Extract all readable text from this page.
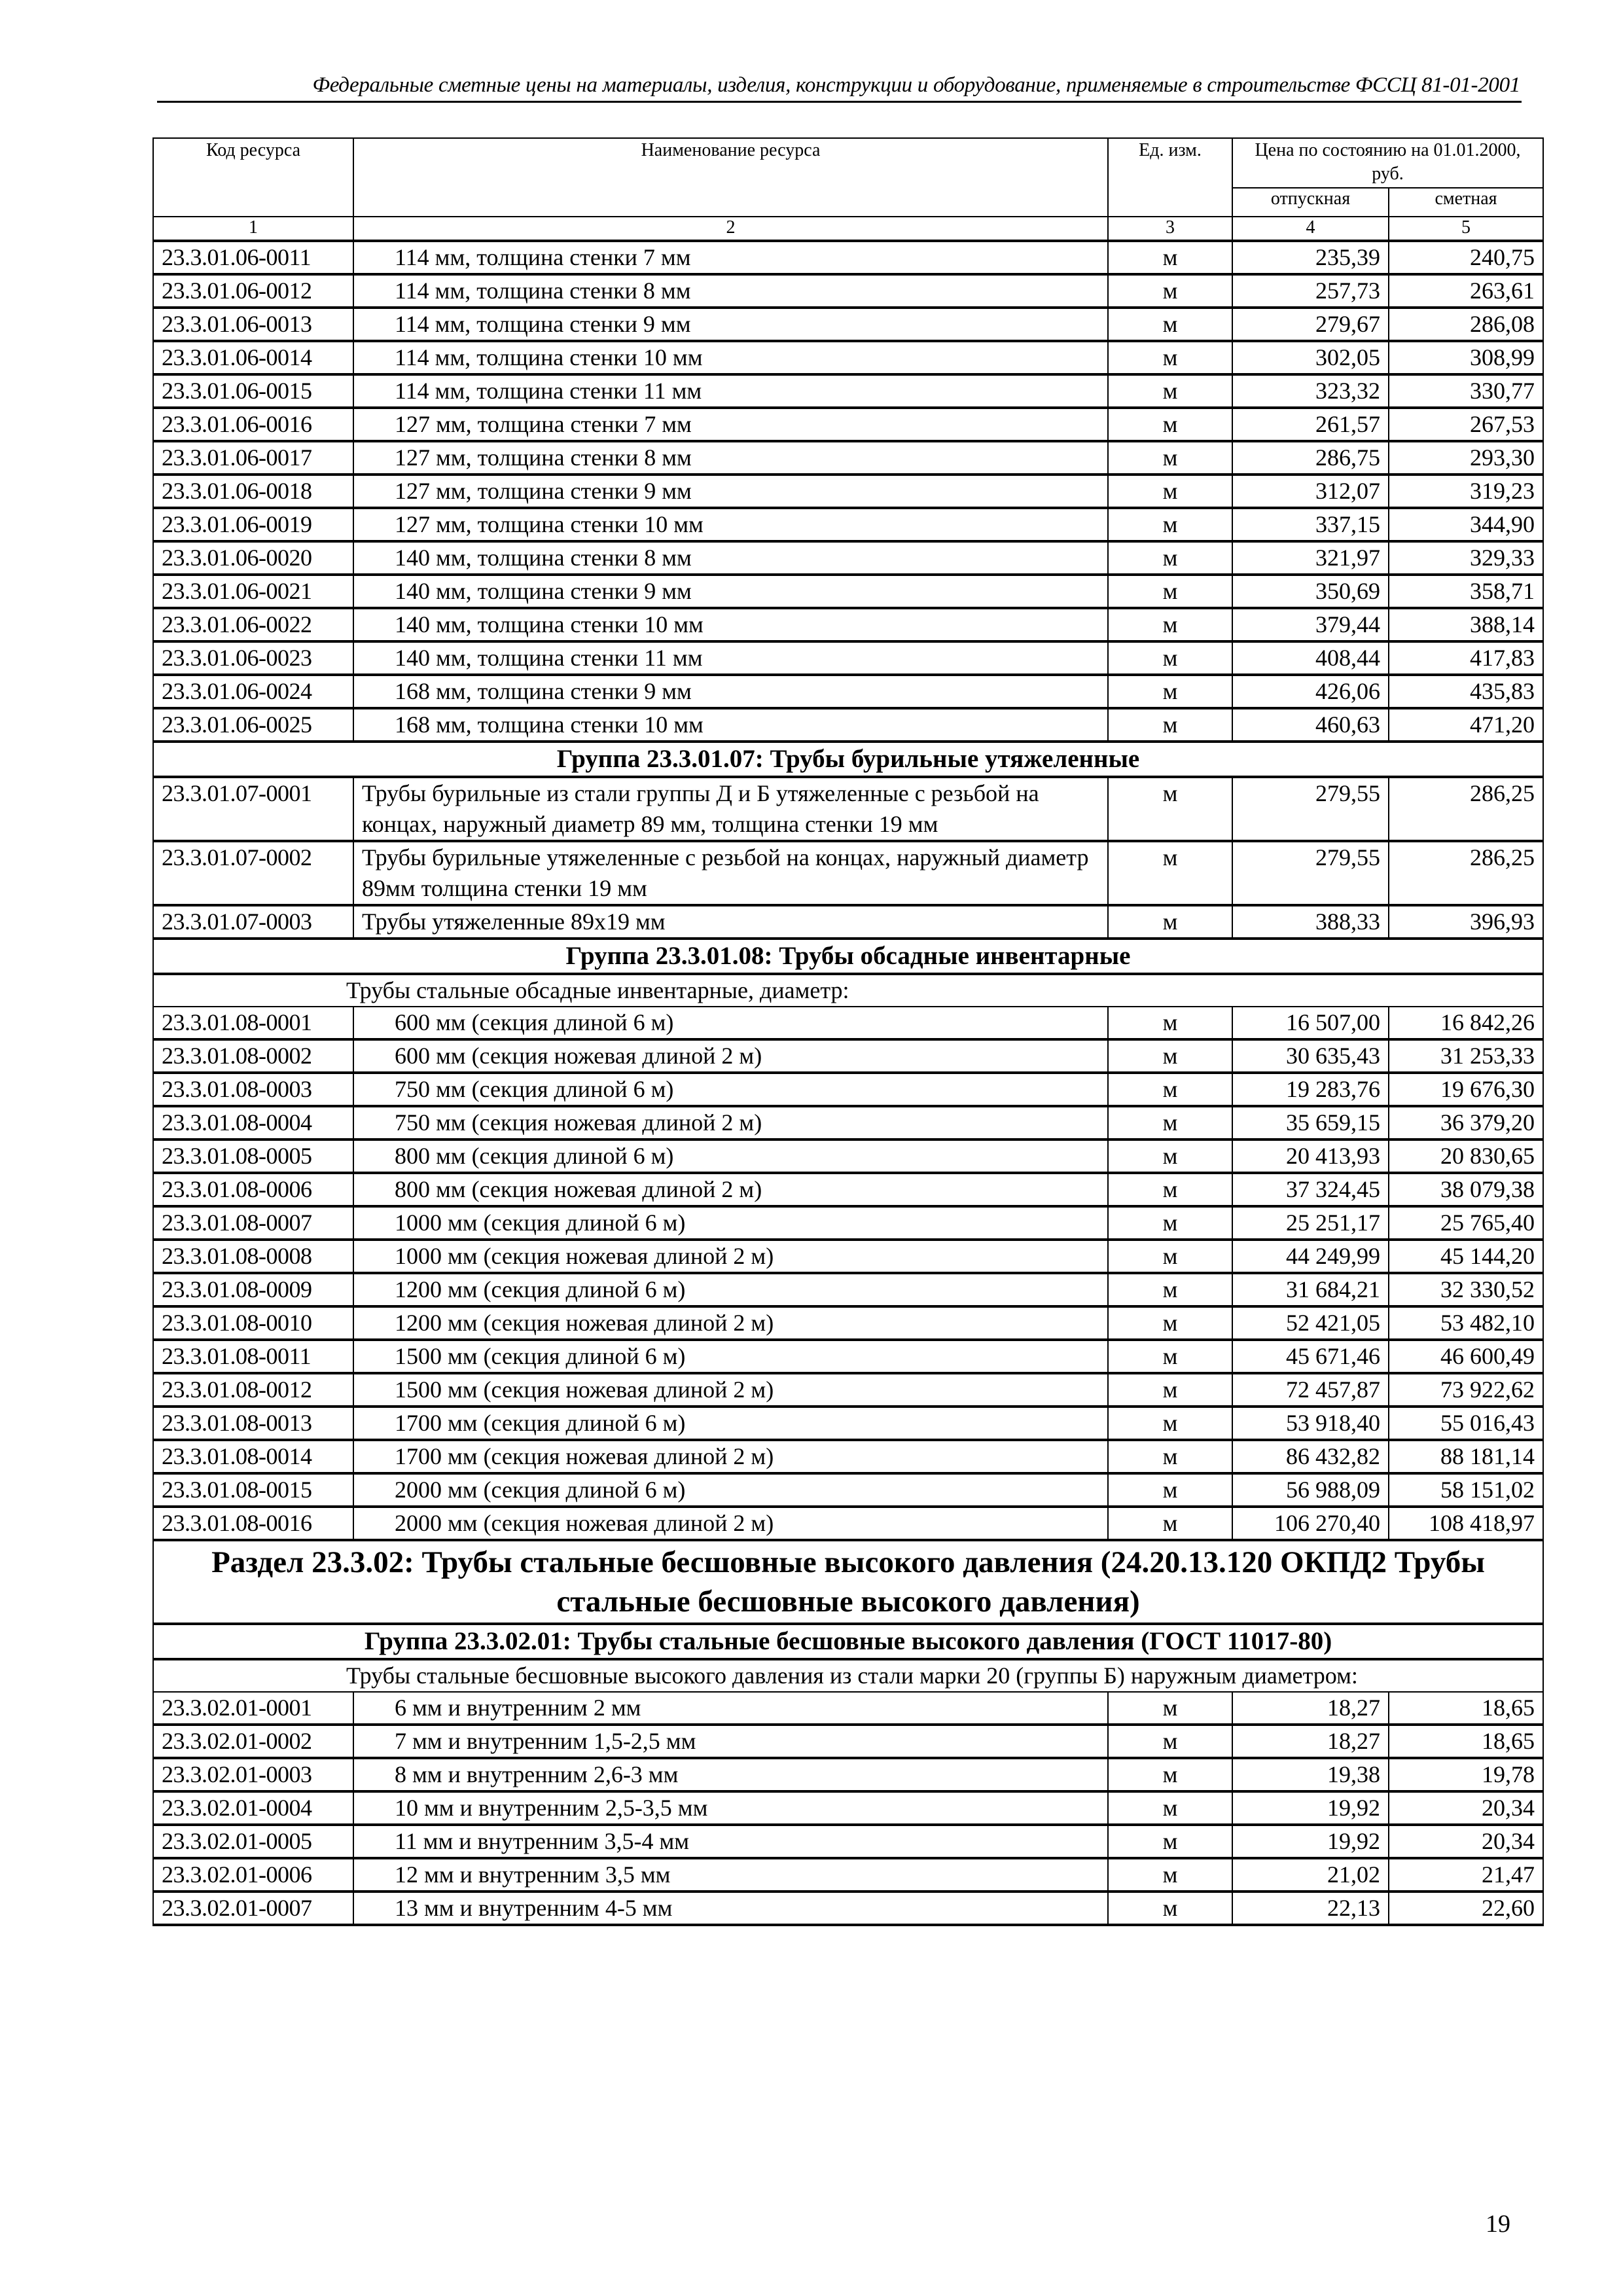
Федеральные сметные цены на материалы, изделия, конструкции и оборудование, применяемые в строительстве ФССЦ 81-01-2001
Код ресурса	Наименование ресурса	Ед. изм.	Цена по состоянию на 01.01.2000, руб.	
			отпускная	сметная
1	2	3	4	5
23.3.01.06-0011	114 мм, толщина стенки 7 мм	м	235,39	240,75
23.3.01.06-0012	114 мм, толщина стенки 8 мм	м	257,73	263,61
23.3.01.06-0013	114 мм, толщина стенки 9 мм	м	279,67	286,08
23.3.01.06-0014	114 мм, толщина стенки 10 мм	м	302,05	308,99
23.3.01.06-0015	114 мм, толщина стенки 11 мм	м	323,32	330,77
23.3.01.06-0016	127 мм, толщина стенки 7 мм	м	261,57	267,53
23.3.01.06-0017	127 мм, толщина стенки 8 мм	м	286,75	293,30
23.3.01.06-0018	127 мм, толщина стенки 9 мм	м	312,07	319,23
23.3.01.06-0019	127 мм, толщина стенки 10 мм	м	337,15	344,90
23.3.01.06-0020	140 мм, толщина стенки 8 мм	м	321,97	329,33
23.3.01.06-0021	140 мм, толщина стенки 9 мм	м	350,69	358,71
23.3.01.06-0022	140 мм, толщина стенки 10 мм	м	379,44	388,14
23.3.01.06-0023	140 мм, толщина стенки 11 мм	м	408,44	417,83
23.3.01.06-0024	168 мм, толщина стенки 9 мм	м	426,06	435,83
23.3.01.06-0025	168 мм, толщина стенки 10 мм	м	460,63	471,20
Группа 23.3.01.07: Трубы бурильные утяжеленные				
23.3.01.07-0001	Трубы бурильные из стали группы Д и Б утяжеленные с резьбой на концах, наружный диаметр 89 мм, толщина стенки 19 мм	м	279,55	286,25
23.3.01.07-0002	Трубы бурильные утяжеленные с резьбой на концах, наружный диаметр 89мм толщина стенки 19 мм	м	279,55	286,25
23.3.01.07-0003	Трубы утяжеленные 89х19 мм	м	388,33	396,93
Группа 23.3.01.08: Трубы обсадные инвентарные				

Трубы стальные обсадные инвентарные, диаметр:				

23.3.01.08-0001	600 мм (секция длиной 6 м)	м	16 507,00	16 842,26
23.3.01.08-0002	600 мм (секция ножевая длиной 2 м)	м	30 635,43	31 253,33
23.3.01.08-0003	750 мм (секция длиной 6 м)	м	19 283,76	19 676,30
23.3.01.08-0004	750 мм (секция ножевая длиной 2 м)	м	35 659,15	36 379,20
23.3.01.08-0005	800 мм (секция длиной 6 м)	м	20 413,93	20 830,65
23.3.01.08-0006	800 мм (секция ножевая длиной 2 м)	м	37 324,45	38 079,38
23.3.01.08-0007	1000 мм (секция длиной 6 м)	м	25 251,17	25 765,40
23.3.01.08-0008	1000 мм (секция ножевая длиной 2 м)	м	44 249,99	45 144,20
23.3.01.08-0009	1200 мм (секция длиной 6 м)	м	31 684,21	32 330,52
23.3.01.08-0010	1200 мм (секция ножевая длиной 2 м)	м	52 421,05	53 482,10
23.3.01.08-0011	1500 мм (секция длиной 6 м)	м	45 671,46	46 600,49
23.3.01.08-0012	1500 мм (секция ножевая длиной 2 м)	м	72 457,87	73 922,62
23.3.01.08-0013	1700 мм (секция длиной 6 м)	м	53 918,40	55 016,43
23.3.01.08-0014	1700 мм (секция ножевая длиной 2 м)	м	86 432,82	88 181,14
23.3.01.08-0015	2000 мм (секция длиной 6 м)	м	56 988,09	58 151,02
23.3.01.08-0016	2000 мм (секция ножевая длиной 2 м)	м	106 270,40	108 418,97
Раздел 23.3.02: Трубы стальные бесшовные высокого давления (24.20.13.120 ОКПД2 Трубы стальные бесшовные высокого давления)				
Группа 23.3.02.01: Трубы стальные бесшовные высокого давления (ГОСТ 11017-80)				

Трубы стальные бесшовные высокого давления из стали марки 20 (группы Б) наружным диаметром:				

23.3.02.01-0001	6 мм и внутренним 2 мм	м	18,27	18,65
23.3.02.01-0002	7 мм и внутренним 1,5-2,5 мм	м	18,27	18,65
23.3.02.01-0003	8 мм и внутренним 2,6-3 мм	м	19,38	19,78
23.3.02.01-0004	10 мм и внутренним 2,5-3,5 мм	м	19,92	20,34
23.3.02.01-0005	11 мм и внутренним 3,5-4 мм	м	19,92	20,34
23.3.02.01-0006	12 мм и внутренним 3,5 мм	м	21,02	21,47
23.3.02.01-0007	13 мм и внутренним 4-5 мм	м	22,13	22,60
19
